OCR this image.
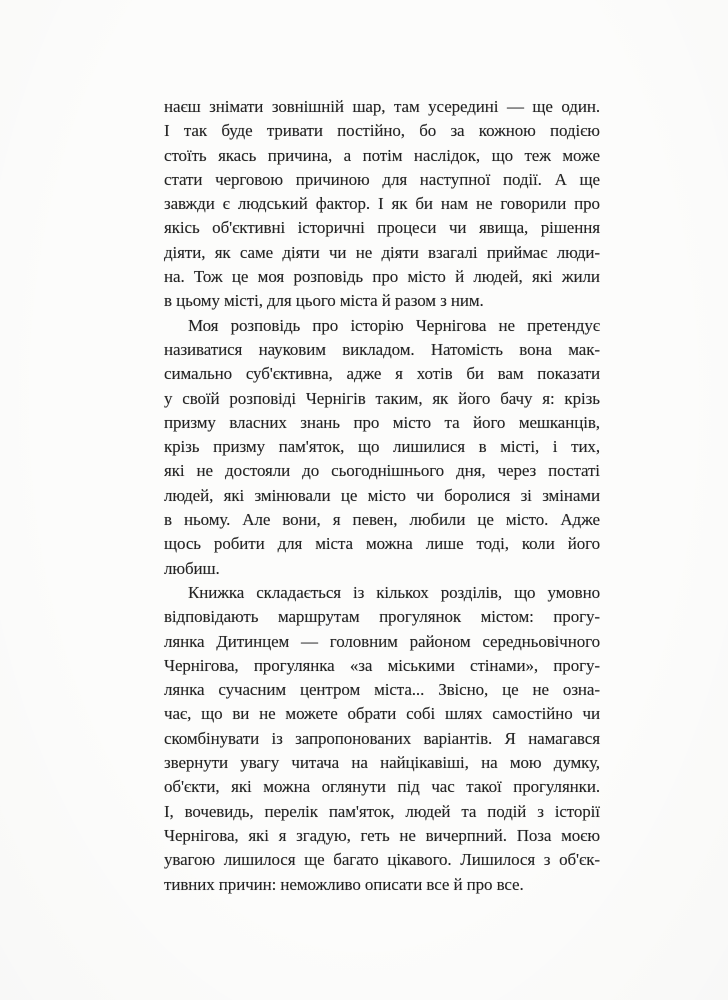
наєш знімати зовнішній шар, там усередині — ще один.
І так буде тривати постійно, бо за кожною подією
стоїть якась причина, а потім наслідок, що теж може
стати черговою причиною для наступної події. А ще
завжди є людський фактор. І як би нам не говорили про
якісь об'єктивні історичні процеси чи явища, рішення
діяти, як саме діяти чи не діяти взагалі приймає люди-
на. Тож це моя розповідь про місто й людей, які жили
в цьому місті, для цього міста й разом з ним.
Моя розповідь про історію Чернігова не претендує
називатися науковим викладом. Натомість вона мак-
симально суб'єктивна, адже я хотів би вам показати
у своїй розповіді Чернігів таким, як його бачу я: крізь
призму власних знань про місто та його мешканців,
крізь призму пам'яток, що лишилися в місті, і тих,
які не достояли до сьогоднішнього дня, через постаті
людей, які змінювали це місто чи боролися зі змінами
в ньому. Але вони, я певен, любили це місто. Адже
щось робити для міста можна лише тоді, коли його
любиш.
Книжка складається із кількох розділів, що умовно
відповідають маршрутам прогулянок містом: прогу-
лянка Дитинцем — головним районом середньовічного
Чернігова, прогулянка «за міськими стінами», прогу-
лянка сучасним центром міста... Звісно, це не озна-
чає, що ви не можете обрати собі шлях самостійно чи
скомбінувати із запропонованих варіантів. Я намагався
звернути увагу читача на найцікавіші, на мою думку,
об'єкти, які можна оглянути під час такої прогулянки.
І, вочевидь, перелік пам'яток, людей та подій з історії
Чернігова, які я згадую, геть не вичерпний. Поза моєю
увагою лишилося ще багато цікавого. Лишилося з об'єк-
тивних причин: неможливо описати все й про все.
